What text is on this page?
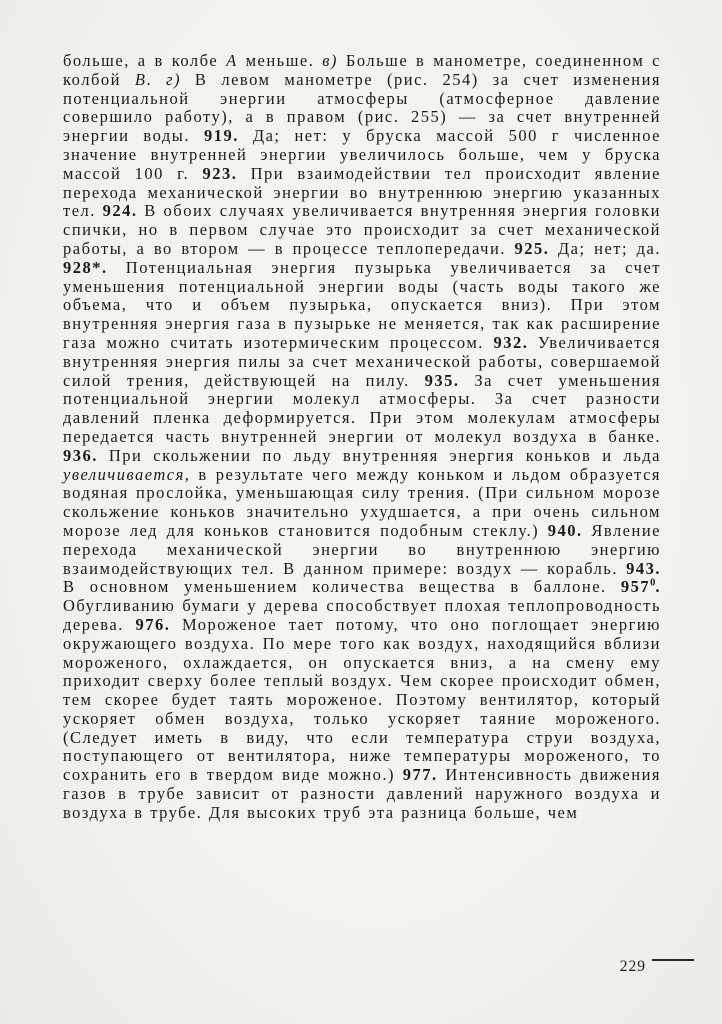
больше, а в колбе А меньше. в) Больше в манометре, соединенном с колбой В. г) В левом манометре (рис. 254) за счет изменения потенциальной энергии атмосферы (атмосферное давление совершило работу), а в правом (рис. 255) — за счет внутренней энергии воды. 919. Да; нет: у бруска массой 500 г численное значение внутренней энергии увеличилось больше, чем у бруска массой 100 г. 923. При взаимодействии тел происходит явление перехода механической энергии во внутреннюю энергию указанных тел. 924. В обоих случаях увеличивается внутренняя энергия головки спички, но в первом случае это происходит за счет механической работы, а во втором — в процессе теплопередачи. 925. Да; нет; да. 928*. Потенциальная энергия пузырька увеличивается за счет уменьшения потенциальной энергии воды (часть воды такого же объема, что и объем пузырька, опускается вниз). При этом внутренняя энергия газа в пузырьке не меняется, так как расширение газа можно считать изотермическим процессом. 932. Увеличивается внутренняя энергия пилы за счет механической работы, совершаемой силой трения, действующей на пилу. 935. За счет уменьшения потенциальной энергии молекул атмосферы. За счет разности давлений пленка деформируется. При этом молекулам атмосферы передается часть внутренней энергии от молекул воздуха в банке. 936. При скольжении по льду внутренняя энергия коньков и льда увеличивается, в результате чего между коньком и льдом образуется водяная прослойка, уменьшающая силу трения. (При сильном морозе скольжение коньков значительно ухудшается, а при очень сильном морозе лед для коньков становится подобным стеклу.) 940. Явление перехода механической энергии во внутреннюю энергию взаимодействующих тел. В данном примере: воздух — корабль. 943. В основном уменьшением количества вещества в баллоне. $957^0$. Обугливанию бумаги у дерева способствует плохая теплопроводность дерева. 976. Мороженое тает потому, что оно поглощает энергию окружающего воздуха. По мере того как воздух, находящийся вблизи мороженого, охлаждается, он опускается вниз, а на смену ему приходит сверху более теплый воздух. Чем скорее происходит обмен, тем скорее будет таять мороженое. Поэтому вентилятор, который ускоряет обмен воздуха, только ускоряет таяние мороженого. (Следует иметь в виду, что если температура струи воздуха, поступающего от вентилятора, ниже температуры мороженого, то сохранить его в твердом виде можно.) 977. Интенсивность движения газов в трубе зависит от разности давлений наружного воздуха и воздуха в трубе. Для высоких труб эта разница больше, чем
229
